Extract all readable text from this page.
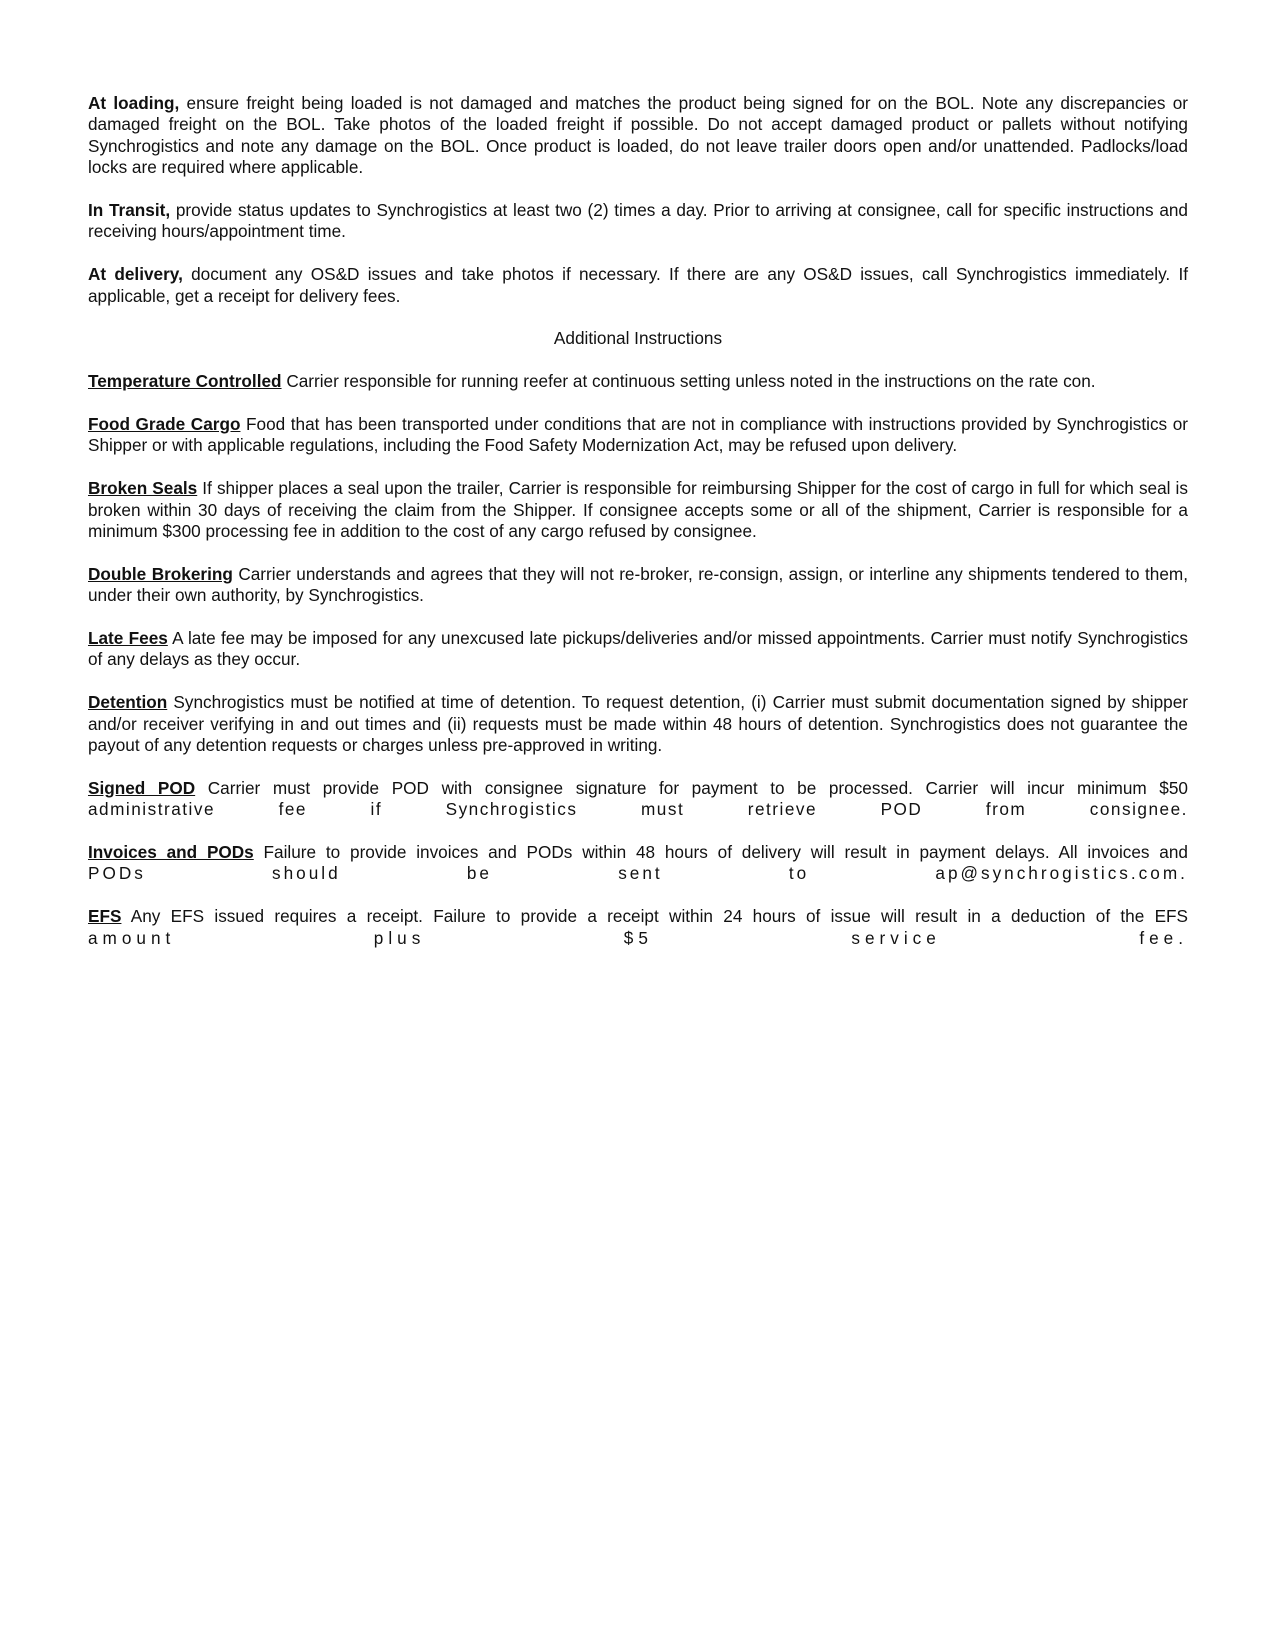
At loading, ensure freight being loaded is not damaged and matches the product being signed for on the BOL. Note any discrepancies or damaged freight on the BOL. Take photos of the loaded freight if possible. Do not accept damaged product or pallets without notifying Synchrogistics and note any damage on the BOL. Once product is loaded, do not leave trailer doors open and/or unattended. Padlocks/load locks are required where applicable.

In Transit, provide status updates to Synchrogistics at least two (2) times a day. Prior to arriving at consignee, call for specific instructions and receiving hours/appointment time.

At delivery, document any OS&D issues and take photos if necessary. If there are any OS&D issues, call Synchrogistics immediately. If applicable, get a receipt for delivery fees.

Additional Instructions

Temperature Controlled Carrier responsible for running reefer at continuous setting unless noted in the instructions on the rate con.

Food Grade Cargo Food that has been transported under conditions that are not in compliance with instructions provided by Synchrogistics or Shipper or with applicable regulations, including the Food Safety Modernization Act, may be refused upon delivery.

Broken Seals If shipper places a seal upon the trailer, Carrier is responsible for reimbursing Shipper for the cost of cargo in full for which seal is broken within 30 days of receiving the claim from the Shipper. If consignee accepts some or all of the shipment, Carrier is responsible for a minimum $300 processing fee in addition to the cost of any cargo refused by consignee.

Double Brokering Carrier understands and agrees that they will not re-broker, re-consign, assign, or interline any shipments tendered to them, under their own authority, by Synchrogistics.

Late Fees A late fee may be imposed for any unexcused late pickups/deliveries and/or missed appointments. Carrier must notify Synchrogistics of any delays as they occur.

Detention Synchrogistics must be notified at time of detention. To request detention, (i) Carrier must submit documentation signed by shipper and/or receiver verifying in and out times and (ii) requests must be made within 48 hours of detention. Synchrogistics does not guarantee the payout of any detention requests or charges unless pre-approved in writing.

Signed POD Carrier must provide POD with consignee signature for payment to be processed. Carrier will incur minimum $50
administrative	fee	if	Synchrogistics	must	retrieve	POD	from	consignee.
Invoices and PODs Failure to provide invoices and PODs within 48 hours of delivery will result in payment delays. All invoices and
PODs	should	be	sent	to	ap@synchrogistics.com.
EFS Any EFS issued requires a receipt. Failure to provide a receipt within 24 hours of issue will result in a deduction of the EFS
amount	plus	$5	service	fee.
